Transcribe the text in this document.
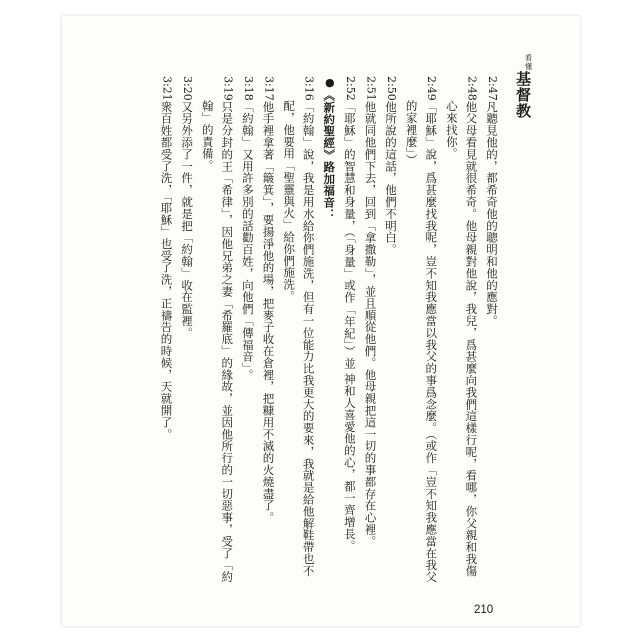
看懂
基督教

2:47凡聽見他的，都希奇他的聰明和他的應對。

2:48他父母看見就很希奇。他母親對他說，我兒，爲甚麼向我們這樣行呢，看哪，你父親和我傷心來找你。

2:49「耶穌」說，爲甚麼找我呢，豈不知我應當以我父的事爲念麼。（或作「豈不知我應當在我父的家裡麼」）

2:50他所說的這話，他們不明白。

2:51他就同他們下去，回到「拿撒勒」，並且順從他們。他母親把這一切的事都存在心裡。

2:52「耶穌」的智慧和身量，（「身量」或作「年紀」）並 神和人喜愛他的心，都一齊增長。

●《新約聖經》路加福音：

3:16「約翰」說，我是用水給你們施洗，但有一位能力比我更大的要來，我就是給他解鞋帶也不配，他要用「聖靈與火」給你們施洗。

3:17他手裡拿著「簸箕」，要揚淨他的場，把麥子收在倉裡，把糠用不滅的火燒盡了。

3:18「約翰」又用許多別的話勸百姓，向他們「傳福音」。

3:19只是分封的王「希律」，因他兄弟之妻「希羅底」的緣故，並因他所行的一切惡事，受了「約翰」的責備。

3:20又另外添了一件，就是把「約翰」收在監裡。

3:21衆百姓都受了洗，「耶穌」也受了洗，正禱告的時候，天就開了。

210
